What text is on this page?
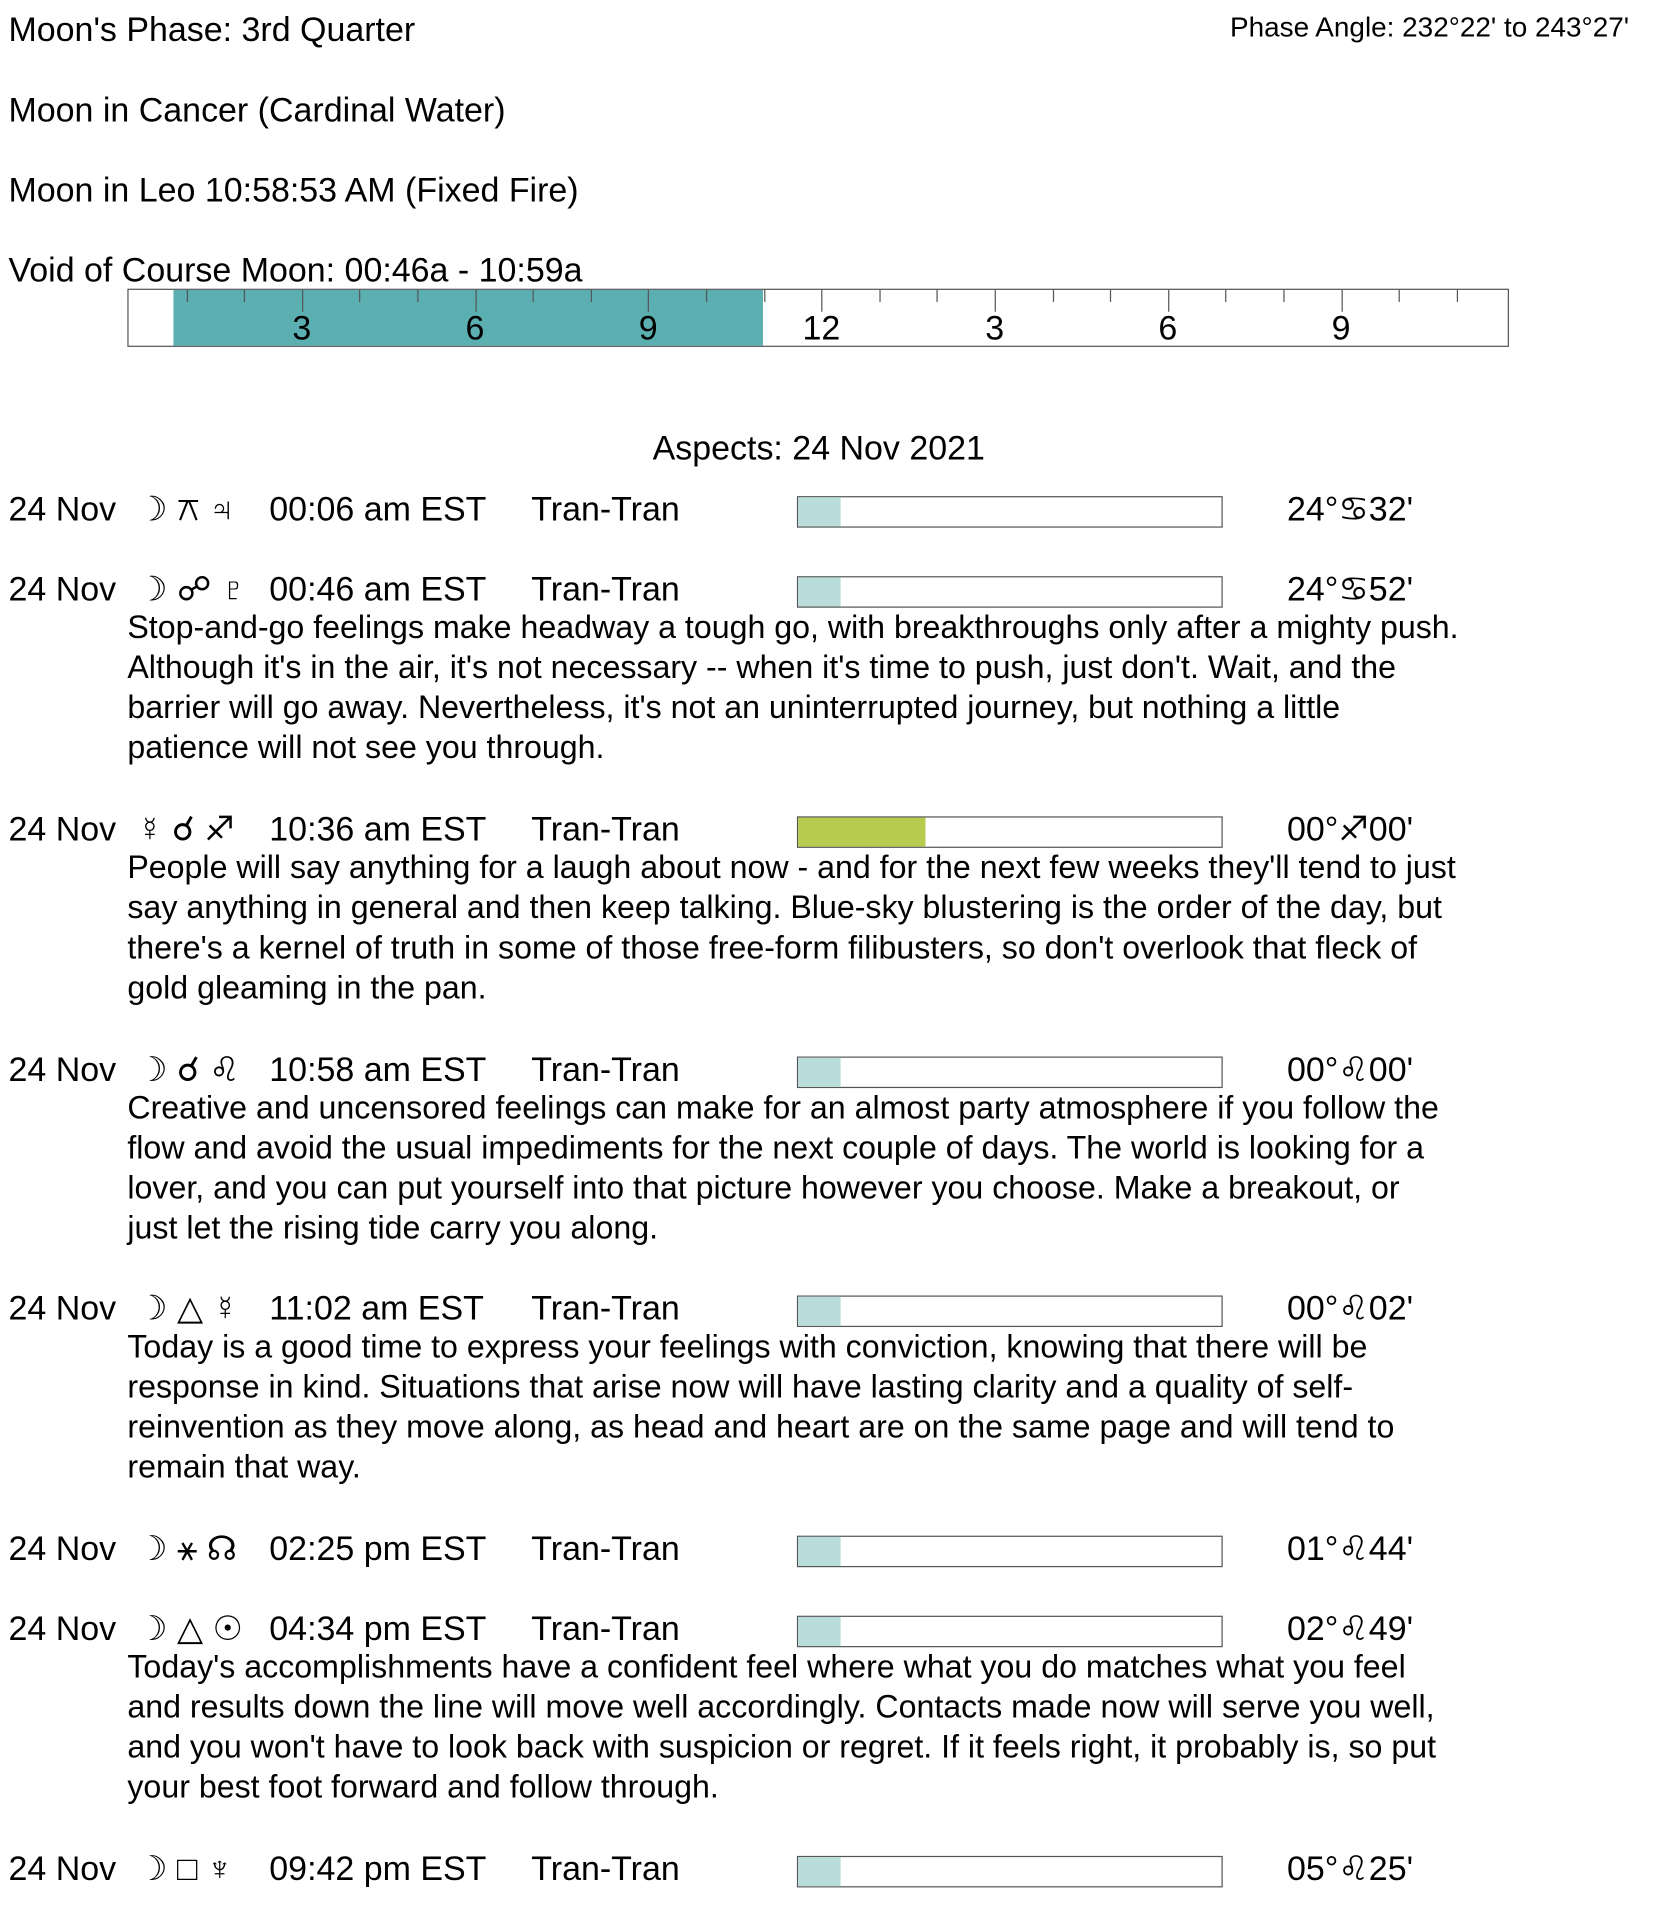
Moon's Phase: 3rd Quarter	Phase Angle: 232°22' to 243°27'
Moon in Cancer (Cardinal Water)
Moon in Leo 10:58:53 AM (Fixed Fire)
Void of Course Moon: 00:46a - 10:59a
3	6	9	12	3	6	9
Aspects: 24 Nov 2021
24 Nov ☽ ⚻ ♃ 00:06 am EST Tran-Tran	24°♋32'
24 Nov ☽ ☍ ♇ 00:46 am EST Tran-Tran	24°♋52'
Stop-and-go feelings make headway a tough go, with breakthroughs only after a mighty push.
Although it's in the air, it's not necessary -- when it's time to push, just don't. Wait, and the
barrier will go away. Nevertheless, it's not an uninterrupted journey, but nothing a little
patience will not see you through.
24 Nov ☿ ☌ ♐ 10:36 am EST Tran-Tran	00°♐00'
People will say anything for a laugh about now - and for the next few weeks they'll tend to just
say anything in general and then keep talking. Blue-sky blustering is the order of the day, but
there's a kernel of truth in some of those free-form filibusters, so don't overlook that fleck of
gold gleaming in the pan.
24 Nov ☽ ☌ ♌ 10:58 am EST Tran-Tran	00°♌00'
Creative and uncensored feelings can make for an almost party atmosphere if you follow the
flow and avoid the usual impediments for the next couple of days. The world is looking for a
lover, and you can put yourself into that picture however you choose. Make a breakout, or
just let the rising tide carry you along.
24 Nov ☽ △ ☿ 11:02 am EST Tran-Tran	00°♌02'
Today is a good time to express your feelings with conviction, knowing that there will be
response in kind. Situations that arise now will have lasting clarity and a quality of self-
reinvention as they move along, as head and heart are on the same page and will tend to
remain that way.
24 Nov ☽ ⚹ ☊ 02:25 pm EST Tran-Tran	01°♌44'
24 Nov ☽ △ ☉ 04:34 pm EST Tran-Tran	02°♌49'
Today's accomplishments have a confident feel where what you do matches what you feel
and results down the line will move well accordingly. Contacts made now will serve you well,
and you won't have to look back with suspicion or regret. If it feels right, it probably is, so put
your best foot forward and follow through.
24 Nov ☽ □ ♆ 09:42 pm EST Tran-Tran	05°♌25'
